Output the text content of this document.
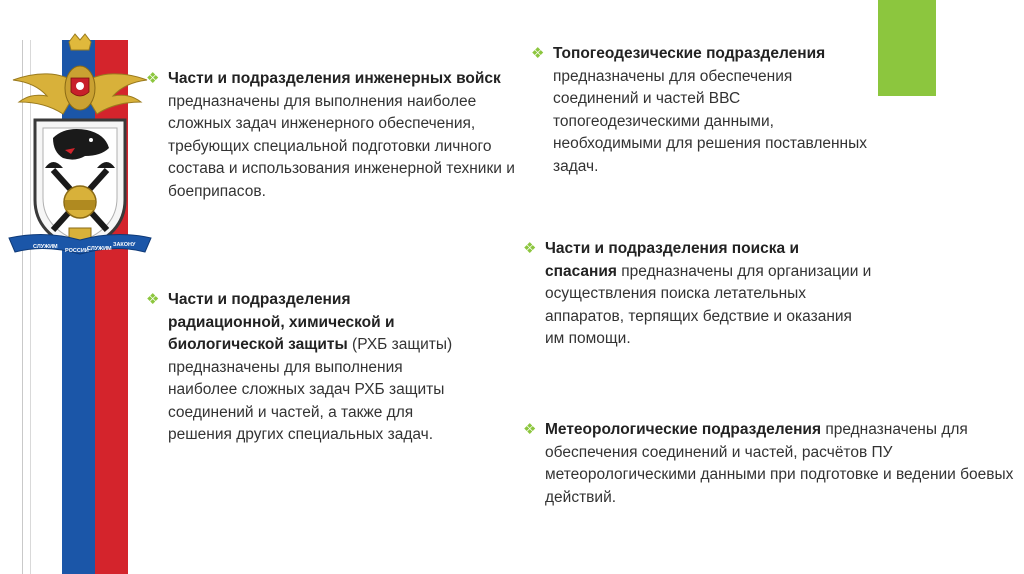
СЛУЖИМ
РОССИИ
СЛУЖИМ
ЗАКОНУ
❖ Части и подразделения инженерных войск предназначены для выполнения наиболее сложных задач инженерного обеспечения, требующих специальной подготовки личного состава и использования инженерной техники и боеприпасов.

❖ Части и подразделения радиационной, химической и биологической защиты (РХБ защиты) предназначены для выполнения наиболее сложных задач РХБ защиты соединений и частей, а также для решения других специальных задач.

❖ Топогеодезические подразделения предназначены для обеспечения соединений и частей ВВС топогеодезическими данными, необходимыми для решения поставленных задач.

❖ Части и подразделения поиска и спасания предназначены для организации и осуществления поиска летательных аппаратов, терпящих бедствие и оказания им помощи.

❖ Метеорологические подразделения предназначены для обеспечения соединений и частей, расчётов ПУ метеорологическими данными при подготовке и ведении боевых действий.
